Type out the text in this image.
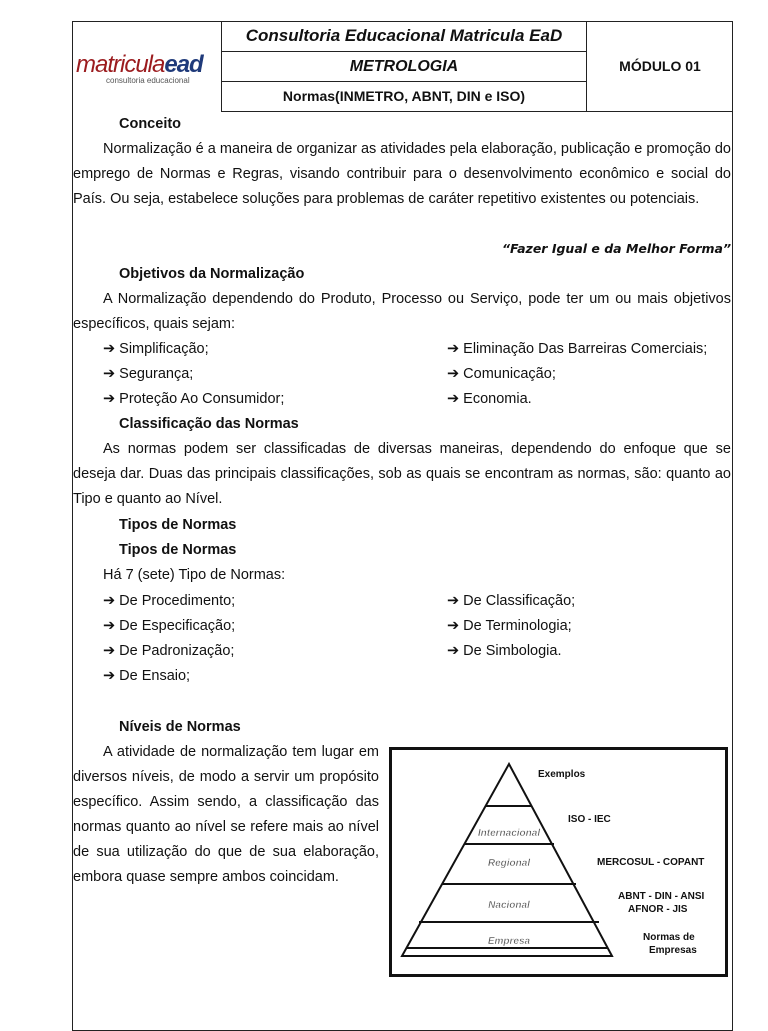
matriculaead
consultoria educacional
Consultoria Educacional Matricula EaD
METROLOGIA
Normas(INMETRO, ABNT, DIN e ISO)
MÓDULO 01
Conceito
Normalização é a maneira de organizar as atividades pela elaboração, publicação e promoção do emprego de Normas e Regras, visando contribuir para o desenvolvimento econômico e social do País. Ou seja, estabelece soluções para problemas de caráter repetitivo existentes ou potenciais.
“Fazer Igual e da Melhor Forma”
Objetivos da Normalização
A Normalização dependendo do Produto, Processo ou Serviço, pode ter um ou mais objetivos específicos, quais sejam:
➔ Simplificação;
➔ Segurança;
➔ Proteção Ao Consumidor;
➔ Eliminação Das Barreiras Comerciais;
➔ Comunicação;
➔ Economia.
Classificação das Normas
As normas podem ser classificadas de diversas maneiras, dependendo do enfoque que se deseja dar. Duas das principais classificações, sob as quais se encontram as normas, são: quanto ao Tipo e quanto ao Nível.
Tipos de Normas
Tipos de Normas
Há 7 (sete) Tipo de Normas:
➔ De Procedimento;
➔ De Especificação;
➔ De Padronização;
➔ De Ensaio;
➔ De Classificação;
➔ De Terminologia;
➔ De Simbologia.
Níveis de Normas
A atividade de normalização tem lugar em diversos níveis, de modo a servir um propósito específico. Assim sendo, a classificação das normas quanto ao nível se refere mais ao nível de sua utilização do que de sua elaboração, embora quase sempre ambos coincidam.
Internacional
Regional
Nacional
Empresa
Exemplos
ISO - IEC
MERCOSUL - COPANT
ABNT - DIN - ANSI
AFNOR - JIS
Normas de
Empresas
